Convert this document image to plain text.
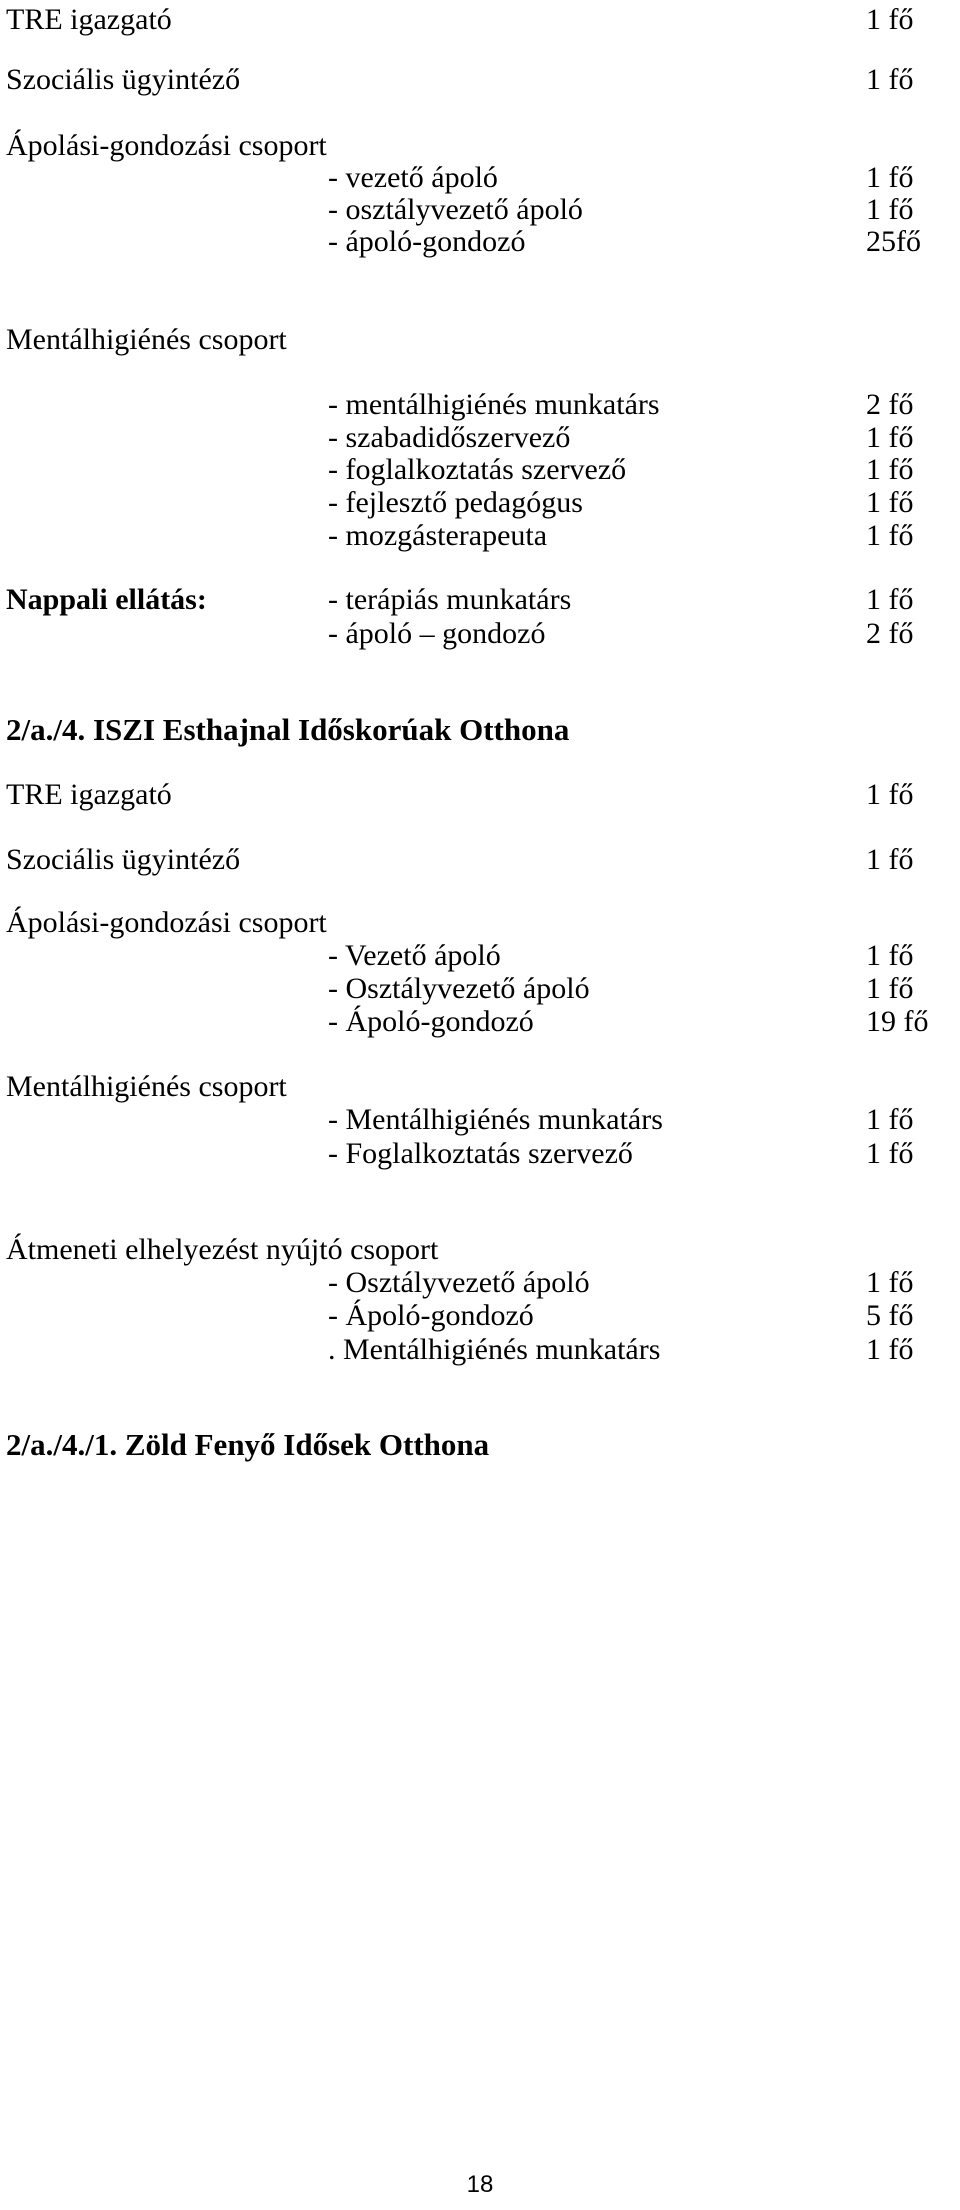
TRE igazgató	1 fő
Szociális ügyintéző	1 fő
Ápolási-gondozási csoport
- vezető ápoló	1 fő
- osztályvezető ápoló	1 fő
- ápoló-gondozó	25fő
Mentálhigiénés csoport
- mentálhigiénés munkatárs	2 fő
- szabadidőszervező	1 fő
- foglalkoztatás szervező	1 fő
- fejlesztő pedagógus	1 fő
- mozgásterapeuta	1 fő
Nappali ellátás:	- terápiás munkatárs	1 fő
- ápoló – gondozó	2 fő
2/a./4. ISZI Esthajnal Időskorúak Otthona
TRE igazgató	1 fő
Szociális ügyintéző	1 fő
Ápolási-gondozási csoport
- Vezető ápoló	1 fő
- Osztályvezető ápoló	1 fő
- Ápoló-gondozó	19 fő
Mentálhigiénés csoport
- Mentálhigiénés munkatárs	1 fő
- Foglalkoztatás szervező	1 fő
Átmeneti elhelyezést nyújtó csoport
- Osztályvezető ápoló	1 fő
- Ápoló-gondozó	5 fő
. Mentálhigiénés munkatárs	1 fő
2/a./4./1. Zöld Fenyő Idősek Otthona
18
